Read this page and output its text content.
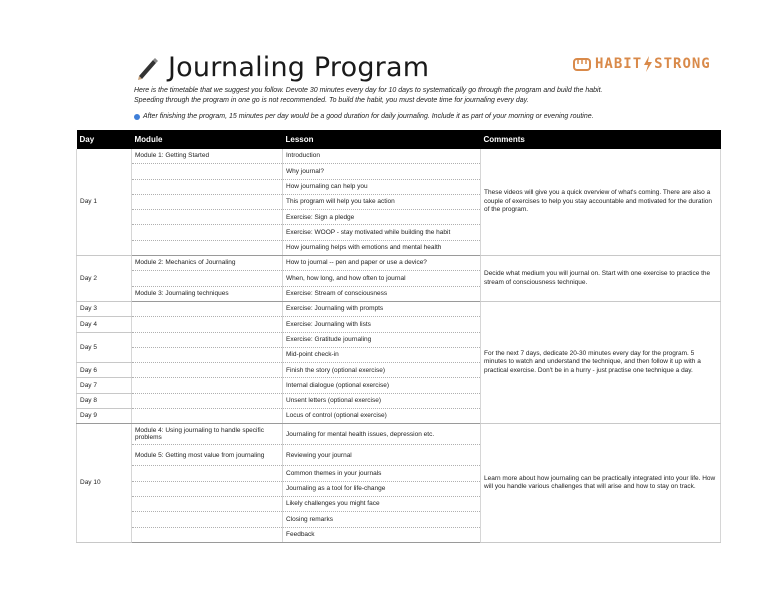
Journaling Program	HABIT STRONG
Here is the timetable that we suggest you follow. Devote 30 minutes every day for 10 days to systematically go through the program and build the habit.
Speeding through the program in one go is not recommended. To build the habit, you must devote time for journaling every day.
After finishing the program, 15 minutes per day would be a good duration for daily journaling. Include it as part of your morning or evening routine.
Day	Module	Lesson	Comments
Day 1	Module 1: Getting Started	Introduction	These videos will give you a quick overview of what's coming. There are also a couple of exercises to help you stay accountable and motivated for the duration of the program.
		Why journal?	
		How journaling can help you	
		This program will help you take action	
		Exercise: Sign a pledge	
		Exercise: WOOP - stay motivated while building the habit	
		How journaling helps with emotions and mental health	
Day 2	Module 2: Mechanics of Journaling	How to journal -- pen and paper or use a device?	Decide what medium you will journal on. Start with one exercise to practice the stream of consciousness technique.
		When, how long, and how often to journal	
	Module 3: Journaling techniques	Exercise: Stream of consciousness	
Day 3		Exercise: Journaling with prompts	For the next 7 days, dedicate 20-30 minutes every day for the program. 5 minutes to watch and understand the technique, and then follow it up with a practical exercise. Don't be in a hurry - just practise one technique a day.
Day 4		Exercise: Journaling with lists	
Day 5		Exercise: Gratitude journaling	
		Mid-point check-in	
Day 6		Finish the story (optional exercise)	
Day 7		Internal dialogue (optional exercise)	
Day 8		Unsent letters (optional exercise)	
Day 9		Locus of control (optional exercise)	
Day 10	Module 4: Using journaling to handle specific problems	Journaling for mental health issues, depression etc.	Learn more about how journaling can be practically integrated into your life. How will you handle various challenges that will arise and how to stay on track.
	Module 5: Getting most value from journaling	Reviewing your journal	
		Common themes in your journals	
		Journaling as a tool for life-change	
		Likely challenges you might face	
		Closing remarks	
		Feedback	
